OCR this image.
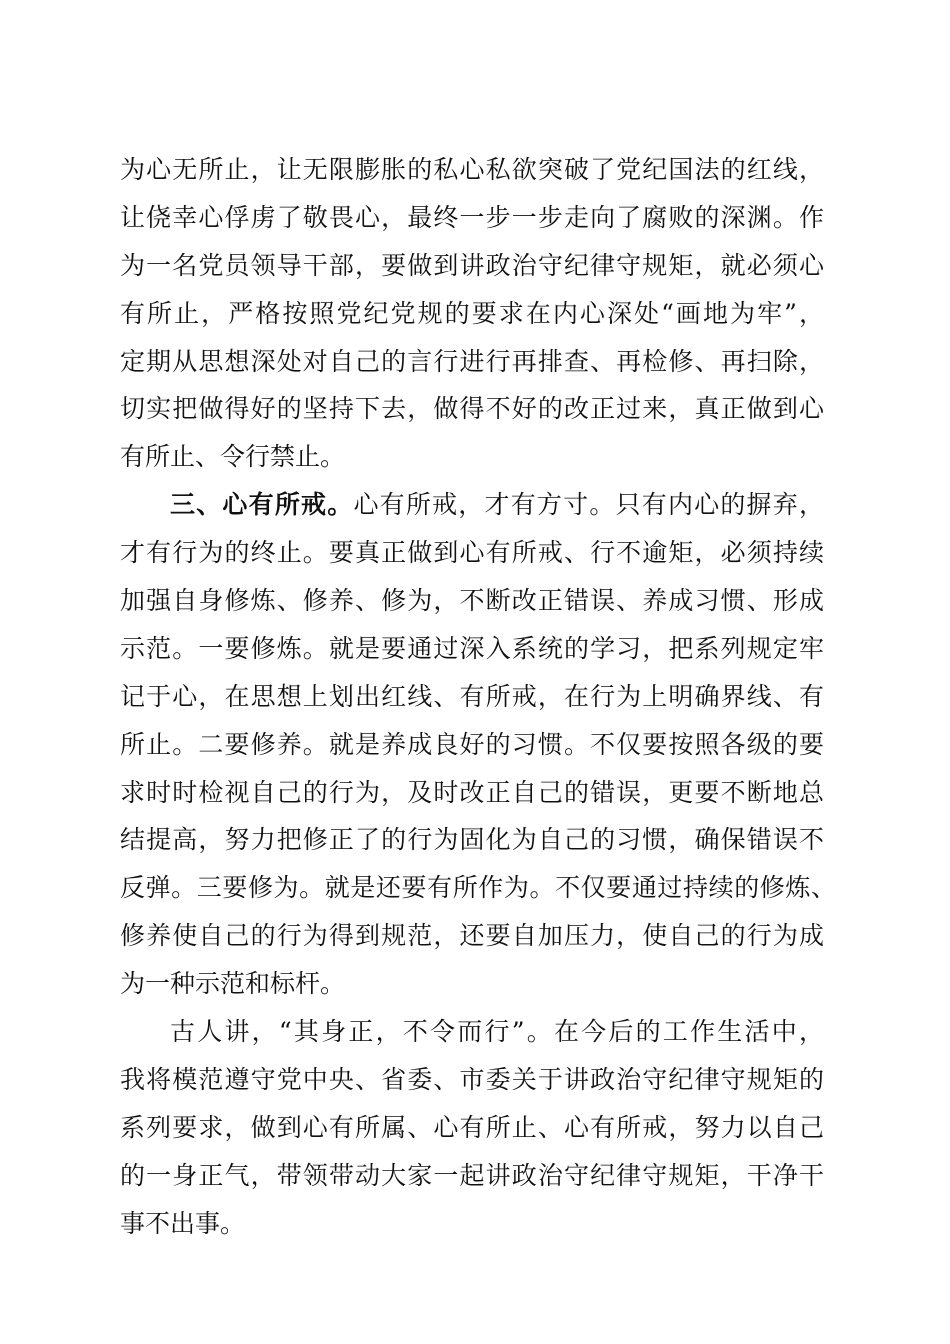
为心无所止，让无限膨胀的私心私欲突破了党纪国法的红线，
让侥幸心俘虏了敬畏心，最终一步一步走向了腐败的深渊。作
为一名党员领导干部，要做到讲政治守纪律守规矩，就必须心
有所止，严格按照党纪党规的要求在内心深处“画地为牢”，
定期从思想深处对自己的言行进行再排查、再检修、再扫除，
切实把做得好的坚持下去，做得不好的改正过来，真正做到心
有所止、令行禁止。
三、心有所戒。心有所戒，才有方寸。只有内心的摒弃，
才有行为的终止。要真正做到心有所戒、行不逾矩，必须持续
加强自身修炼、修养、修为，不断改正错误、养成习惯、形成
示范。一要修炼。就是要通过深入系统的学习，把系列规定牢
记于心，在思想上划出红线、有所戒，在行为上明确界线、有
所止。二要修养。就是养成良好的习惯。不仅要按照各级的要
求时时检视自己的行为，及时改正自己的错误，更要不断地总
结提高，努力把修正了的行为固化为自己的习惯，确保错误不
反弹。三要修为。就是还要有所作为。不仅要通过持续的修炼、
修养使自己的行为得到规范，还要自加压力，使自己的行为成
为一种示范和标杆。
古人讲，“其身正，不令而行”。在今后的工作生活中，
我将模范遵守党中央、省委、市委关于讲政治守纪律守规矩的
系列要求，做到心有所属、心有所止、心有所戒，努力以自己
的一身正气，带领带动大家一起讲政治守纪律守规矩，干净干
事不出事。
